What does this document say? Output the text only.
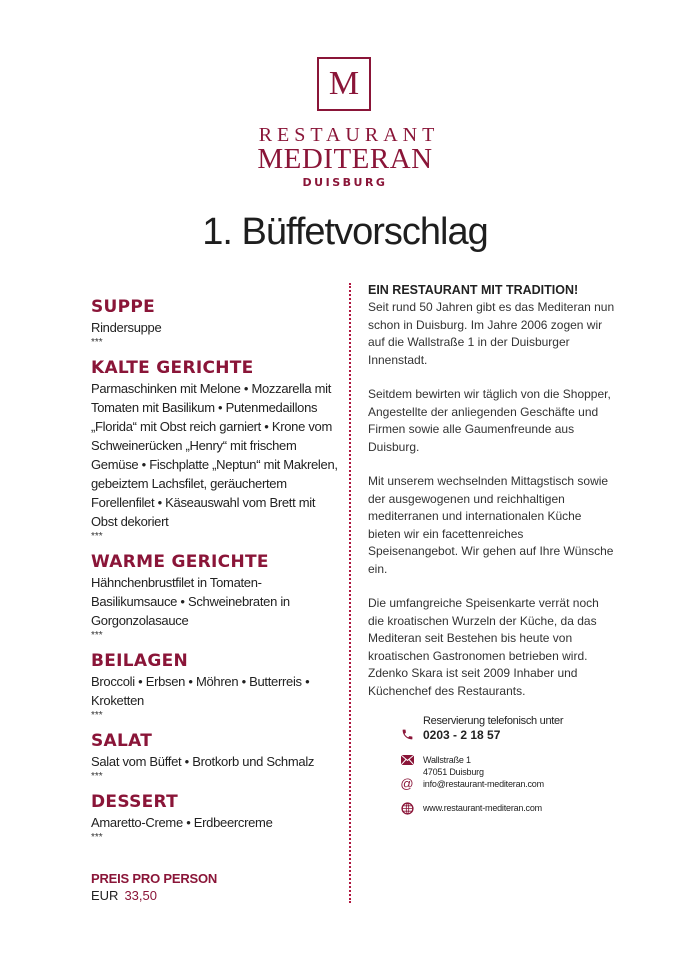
M
RESTAURANT
MEDITERAN
DUISBURG
1. Büffetvorschlag
SUPPE
Rindersuppe
***
KALTE GERICHTE
Parmaschinken mit Melone • Mozzarella mit Tomaten mit Basilikum • Putenmedaillons „Florida“ mit Obst reich garniert • Krone vom Schweinerücken „Henry“ mit frischem Gemüse • Fischplatte „Neptun“ mit Makrelen, gebeiztem Lachsfilet, geräuchertem Forellenfilet • Käseauswahl vom Brett mit Obst dekoriert
***
WARME GERICHTE
Hähnchenbrustfilet in Tomaten-Basilikumsauce • Schweinebraten in Gorgonzolasauce
***
BEILAGEN
Broccoli • Erbsen • Möhren • Butterreis • Kroketten
***
SALAT
Salat vom Büffet • Brotkorb und Schmalz
***
DESSERT
Amaretto-Creme • Erdbeercreme
***
PREIS PRO PERSON
EUR 33,50
EIN RESTAURANT MIT TRADITION!

Seit rund 50 Jahren gibt es das Mediteran nun schon in Duisburg. Im Jahre 2006 zogen wir auf die Wallstraße 1 in der Duisburger Innenstadt.

Seitdem bewirten wir täglich von die Shopper, Angestellte der anliegenden Geschäfte und Firmen sowie alle Gaumenfreunde aus Duisburg.

Mit unserem wechselnden Mittagstisch sowie der ausgewogenen und reichhaltigen mediterranen und internationalen Küche bieten wir ein facettenreiches Speisenangebot. Wir gehen auf Ihre Wünsche ein.

Die umfangreiche Speisenkarte verrät noch die kroatischen Wurzeln der Küche, da das Mediteran seit Bestehen bis heute von kroatischen Gastronomen betrieben wird. Zdenko Skara ist seit 2009 Inhaber und Küchenchef des Restaurants.

Reservierung telefonisch unter
0203 - 2 18 57
Wallstraße 1
47051 Duisburg
@ info@restaurant-mediteran.com
www.restaurant-mediteran.com
